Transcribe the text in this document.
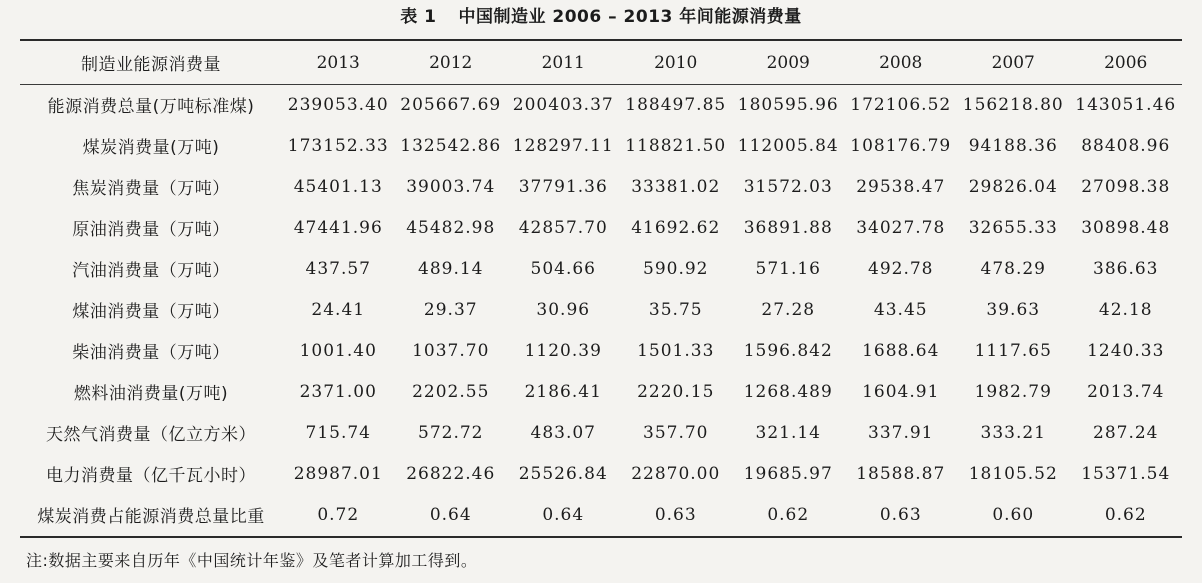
表 1 中国制造业 2006 – 2013 年间能源消费量
制造业能源消费量	2013	2012	2011	2010	2009	2008	2007	2006
能源消费总量(万吨标准煤)	239053.40	205667.69	200403.37	188497.85	180595.96	172106.52	156218.80	143051.46
煤炭消费量(万吨)	173152.33	132542.86	128297.11	118821.50	112005.84	108176.79	94188.36	88408.96
焦炭消费量（万吨）	45401.13	39003.74	37791.36	33381.02	31572.03	29538.47	29826.04	27098.38
原油消费量（万吨）	47441.96	45482.98	42857.70	41692.62	36891.88	34027.78	32655.33	30898.48
汽油消费量（万吨）	437.57	489.14	504.66	590.92	571.16	492.78	478.29	386.63
煤油消费量（万吨）	24.41	29.37	30.96	35.75	27.28	43.45	39.63	42.18
柴油消费量（万吨）	1001.40	1037.70	1120.39	1501.33	1596.842	1688.64	1117.65	1240.33
燃料油消费量(万吨)	2371.00	2202.55	2186.41	2220.15	1268.489	1604.91	1982.79	2013.74
天然气消费量（亿立方米）	715.74	572.72	483.07	357.70	321.14	337.91	333.21	287.24
电力消费量（亿千瓦小时）	28987.01	26822.46	25526.84	22870.00	19685.97	18588.87	18105.52	15371.54
煤炭消费占能源消费总量比重	0.72	0.64	0.64	0.63	0.62	0.63	0.60	0.62
注:数据主要来自历年《中国统计年鉴》及笔者计算加工得到。
